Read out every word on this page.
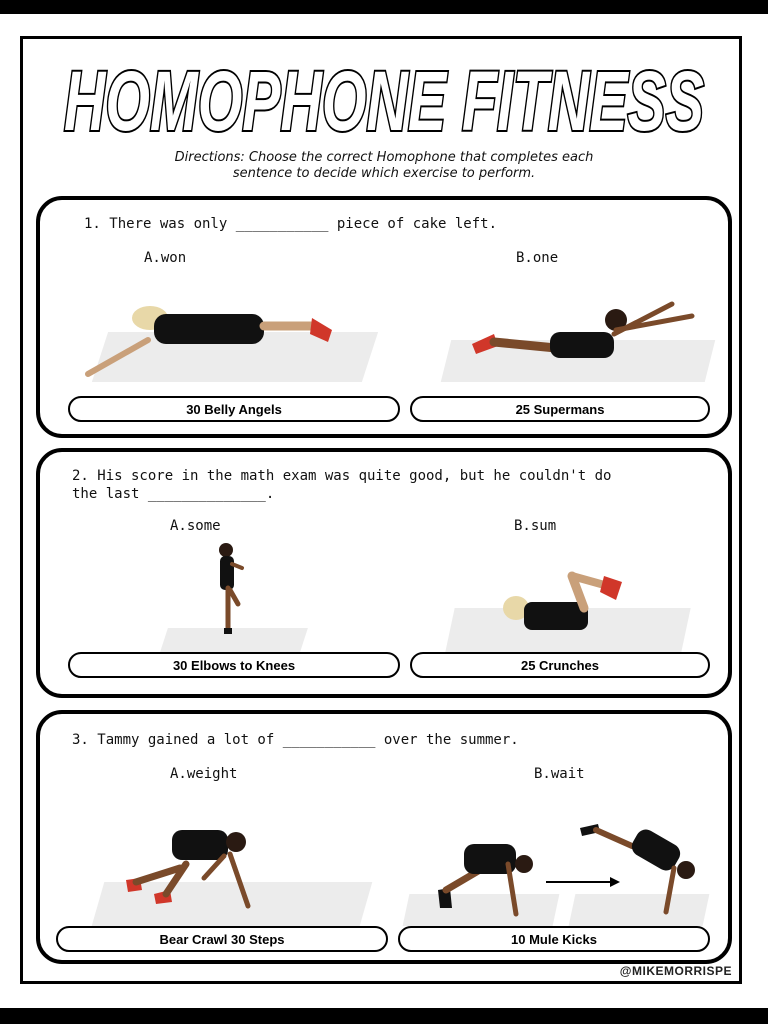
HOMOPHONE FITNESS
Directions: Choose the correct Homophone that completes each
sentence to decide which exercise to perform.
1. There was only ___________ piece of cake left.
A.won	B.one
30 Belly Angels	25 Supermans
2. His score in the math exam was quite good, but he couldn't do
the last ______________.
A.some	B.sum
30 Elbows to Knees	25 Crunches
3. Tammy gained a lot of ___________ over the summer.
A.weight	B.wait
Bear Crawl 30 Steps	10 Mule Kicks
@MIKEMORRISPE
